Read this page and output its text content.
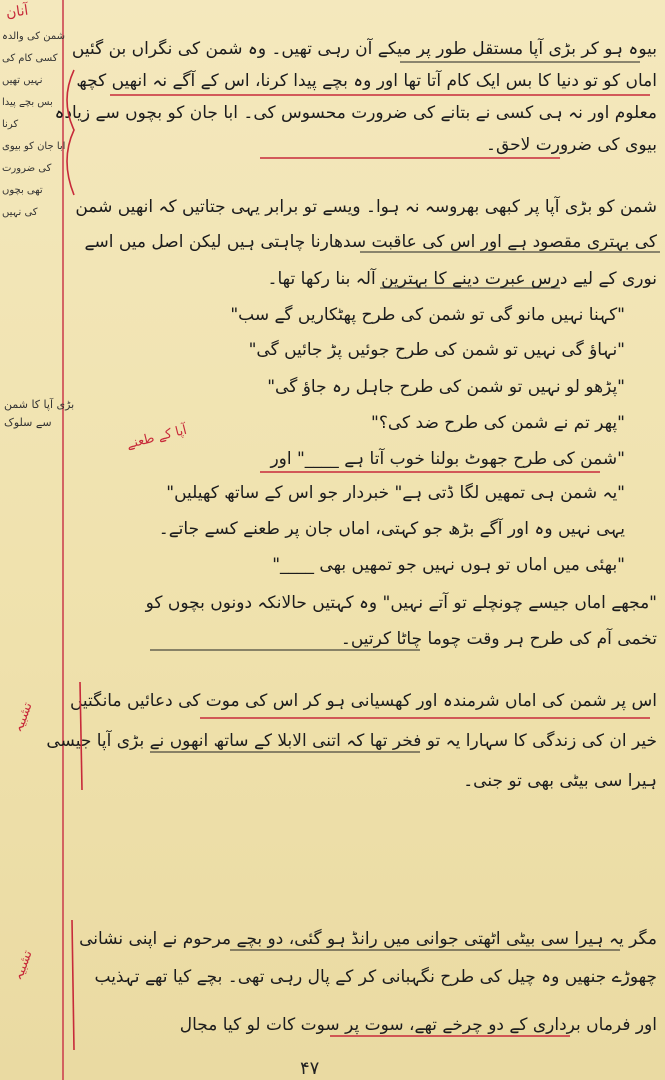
آنان
بیوہ ہو کر بڑی آپا مستقل طور پر میکے آن رہی تھیں۔ وہ شمن کی نگراں بن گئیں
اماں کو تو دنیا کا بس ایک کام آتا تھا اور وہ بچے پیدا کرنا، اس کے آگے نہ انھیں کچھ
معلوم اور نہ ہی کسی نے بتانے کی ضرورت محسوس کی۔ ابا جان کو بچوں سے زیادہ
بیوی کی ضرورت لاحق۔
شمن کو بڑی آپا پر کبھی بھروسہ نہ ہوا۔ ویسے تو برابر یہی جتاتیں کہ انھیں شمن
کی بہتری مقصود ہے اور اس کی عاقبت سدھارنا چاہتی ہیں لیکن اصل میں اسے
نوری کے لیے درس عبرت دینے کا بہترین آلہ بنا رکھا تھا۔
"کہنا نہیں مانو گی تو شمن کی طرح پھٹکاریں گے سب"
"نہاؤ گی نہیں تو شمن کی طرح جوئیں پڑ جائیں گی"
"پڑھو لو نہیں تو شمن کی طرح جاہل رہ جاؤ گی"
"پھر تم نے شمن کی طرح ضد کی؟"
"شمن کی طرح جھوٹ بولنا خوب آتا ہے ____" اور
"یہ شمن ہی تمھیں لگا ڈتی ہے" خبردار جو اس کے ساتھ کھیلیں"
یہی نہیں وہ اور آگے بڑھ جو کہتی، اماں جان پر طعنے کسے جاتے۔
"بھئی میں اماں تو ہوں نہیں جو تمھیں بھی ____"
"مجھے اماں جیسے چونچلے تو آتے نہیں" وہ کہتیں حالانکہ دونوں بچوں کو
تخمی آم کی طرح ہر وقت چوما چاٹا کرتیں۔
اس پر شمن کی اماں شرمندہ اور کھسیانی ہو کر اس کی موت کی دعائیں مانگتیں
خیر ان کی زندگی کا سہارا یہ تو فخر تھا کہ اتنی الابلا کے ساتھ انھوں نے بڑی آپا جیسی
ہیرا سی بیٹی بھی تو جنی۔
مگر یہ ہیرا سی بیٹی اٹھتی جوانی میں رانڈ ہو گئی، دو بچے مرحوم نے اپنی نشانی
چھوڑے جنھیں وہ چیل کی طرح نگہبانی کر کے پال رہی تھی۔ بچے کیا تھے تہذیب
اور فرماں برداری کے دو چرخے تھے، سوت پر سوت کات لو کیا مجال
شمن کی والدہ
کسی کام کی
نہیں تھیں
بس بچے پیدا
کرنا
ابا جان کو بیوی
کی ضرورت
تھی بچوں
کی نہیں
بڑی آپا کا شمن
سے سلوک
آپا کے طعنے
تشبیہ
تشبیہ
۴۷
